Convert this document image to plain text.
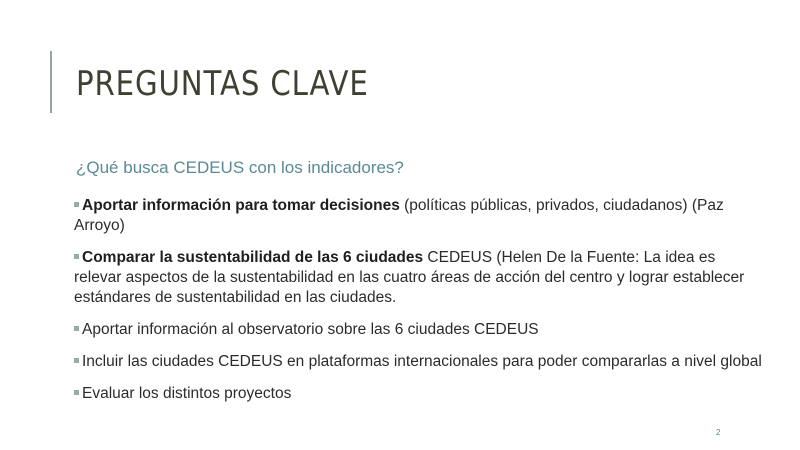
PREGUNTAS CLAVE
¿Qué busca CEDEUS con los indicadores?
Aportar información para tomar decisiones (políticas públicas, privados, ciudadanos) (Paz Arroyo)
Comparar la sustentabilidad de las 6 ciudades CEDEUS (Helen De la Fuente: La idea es relevar aspectos de la sustentabilidad en las cuatro áreas de acción del centro y lograr establecer estándares de sustentabilidad en las ciudades.
Aportar información al observatorio sobre las 6 ciudades CEDEUS
Incluir las ciudades CEDEUS en plataformas internacionales para poder compararlas a nivel global
Evaluar los distintos proyectos
2
